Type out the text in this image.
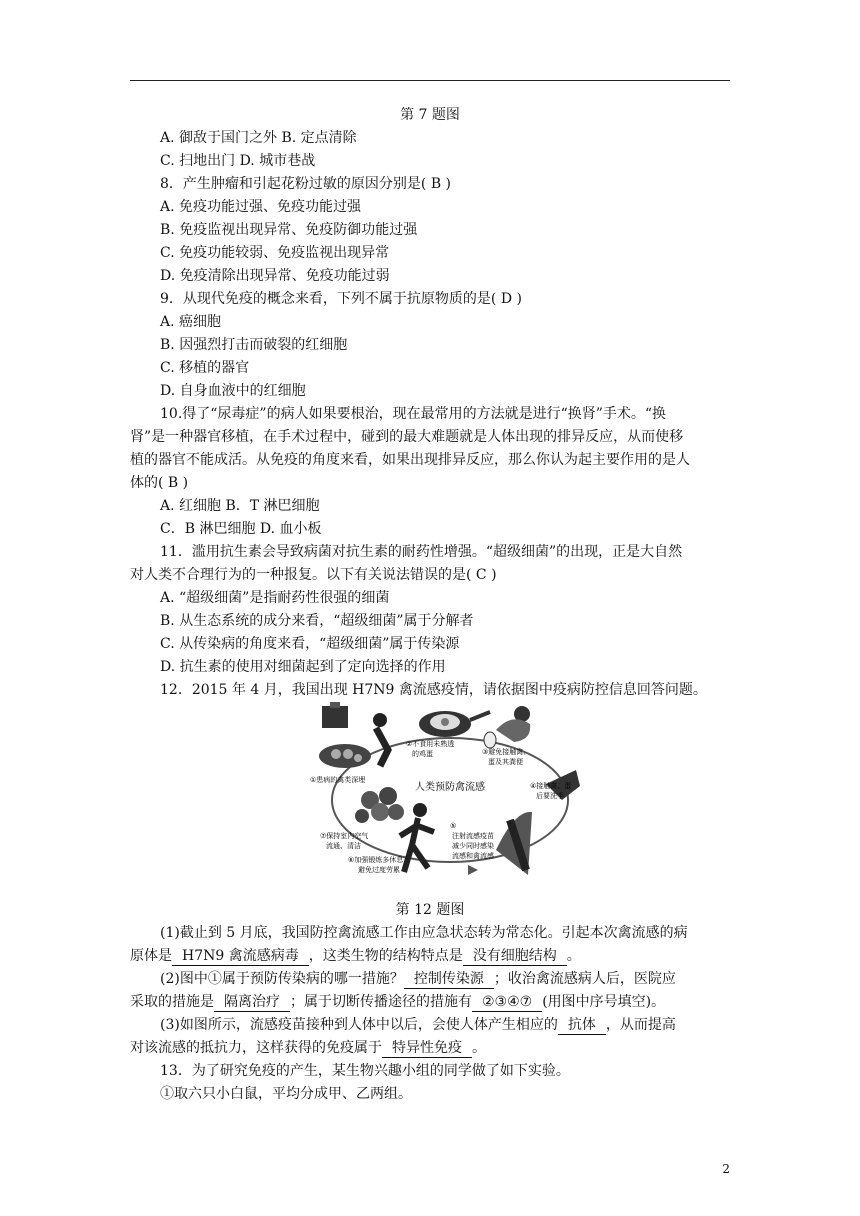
第 7 题图
A. 御敌于国门之外 B. 定点清除
C. 扫地出门 D. 城市巷战
8．产生肿瘤和引起花粉过敏的原因分别是( B )
A. 免疫功能过强、免疫功能过强
B. 免疫监视出现异常、免疫防御功能过强
C. 免疫功能较弱、免疫监视出现异常
D. 免疫清除出现异常、免疫功能过弱
9．从现代免疫的概念来看，下列不属于抗原物质的是( D )
A. 癌细胞
B. 因强烈打击而破裂的红细胞
C. 移植的器官
D. 自身血液中的红细胞
10.得了“尿毒症”的病人如果要根治，现在最常用的方法就是进行“换肾”手术。“换
肾”是一种器官移植，在手术过程中，碰到的最大难题就是人体出现的排异反应，从而使移
植的器官不能成活。从免疫的角度来看，如果出现排异反应，那么你认为起主要作用的是人
体的( B )
A. 红细胞 B．T 淋巴细胞
C．B 淋巴细胞 D. 血小板
11．滥用抗生素会导致病菌对抗生素的耐药性增强。“超级细菌”的出现，正是大自然
对人类不合理行为的一种报复。以下有关说法错误的是( C )
A. “超级细菌”是指耐药性很强的细菌
B. 从生态系统的成分来看，“超级细菌”属于分解者
C. 从传染病的角度来看，“超级细菌”属于传染源
D. 抗生素的使用对细菌起到了定向选择的作用
12．2015 年 4 月，我国出现 H7N9 禽流感疫情，请依据图中疫病防控信息回答问题。
人类预防禽流感
①患病的禽类深埋
②不食用未熟透
的鸡蛋	③避免接触禽、
蛋及其粪便
④接触禽、蛋
后要洗手
⑤
注射流感疫苗
减少同时感染
流感和禽流感
⑥加强锻炼多休息
避免过度劳累
⑦保持室内空气
流通、清洁
第 12 题图
(1)截止到 5 月底，我国防控禽流感工作由应急状态转为常态化。引起本次禽流感的病
原体是 H7N9 禽流感病毒 ，这类生物的结构特点是 没有细胞结构 。
(2)图中①属于预防传染病的哪一措施？ 控制传染源 ；收治禽流感病人后，医院应
采取的措施是 隔离治疗 ；属于切断传播途径的措施有 ②③④⑦ (用图中序号填空)。
(3)如图所示，流感疫苗接种到人体中以后，会使人体产生相应的 抗体 ，从而提高
对该流感的抵抗力，这样获得的免疫属于 特异性免疫 。
13．为了研究免疫的产生，某生物兴趣小组的同学做了如下实验。
①取六只小白鼠，平均分成甲、乙两组。
2
